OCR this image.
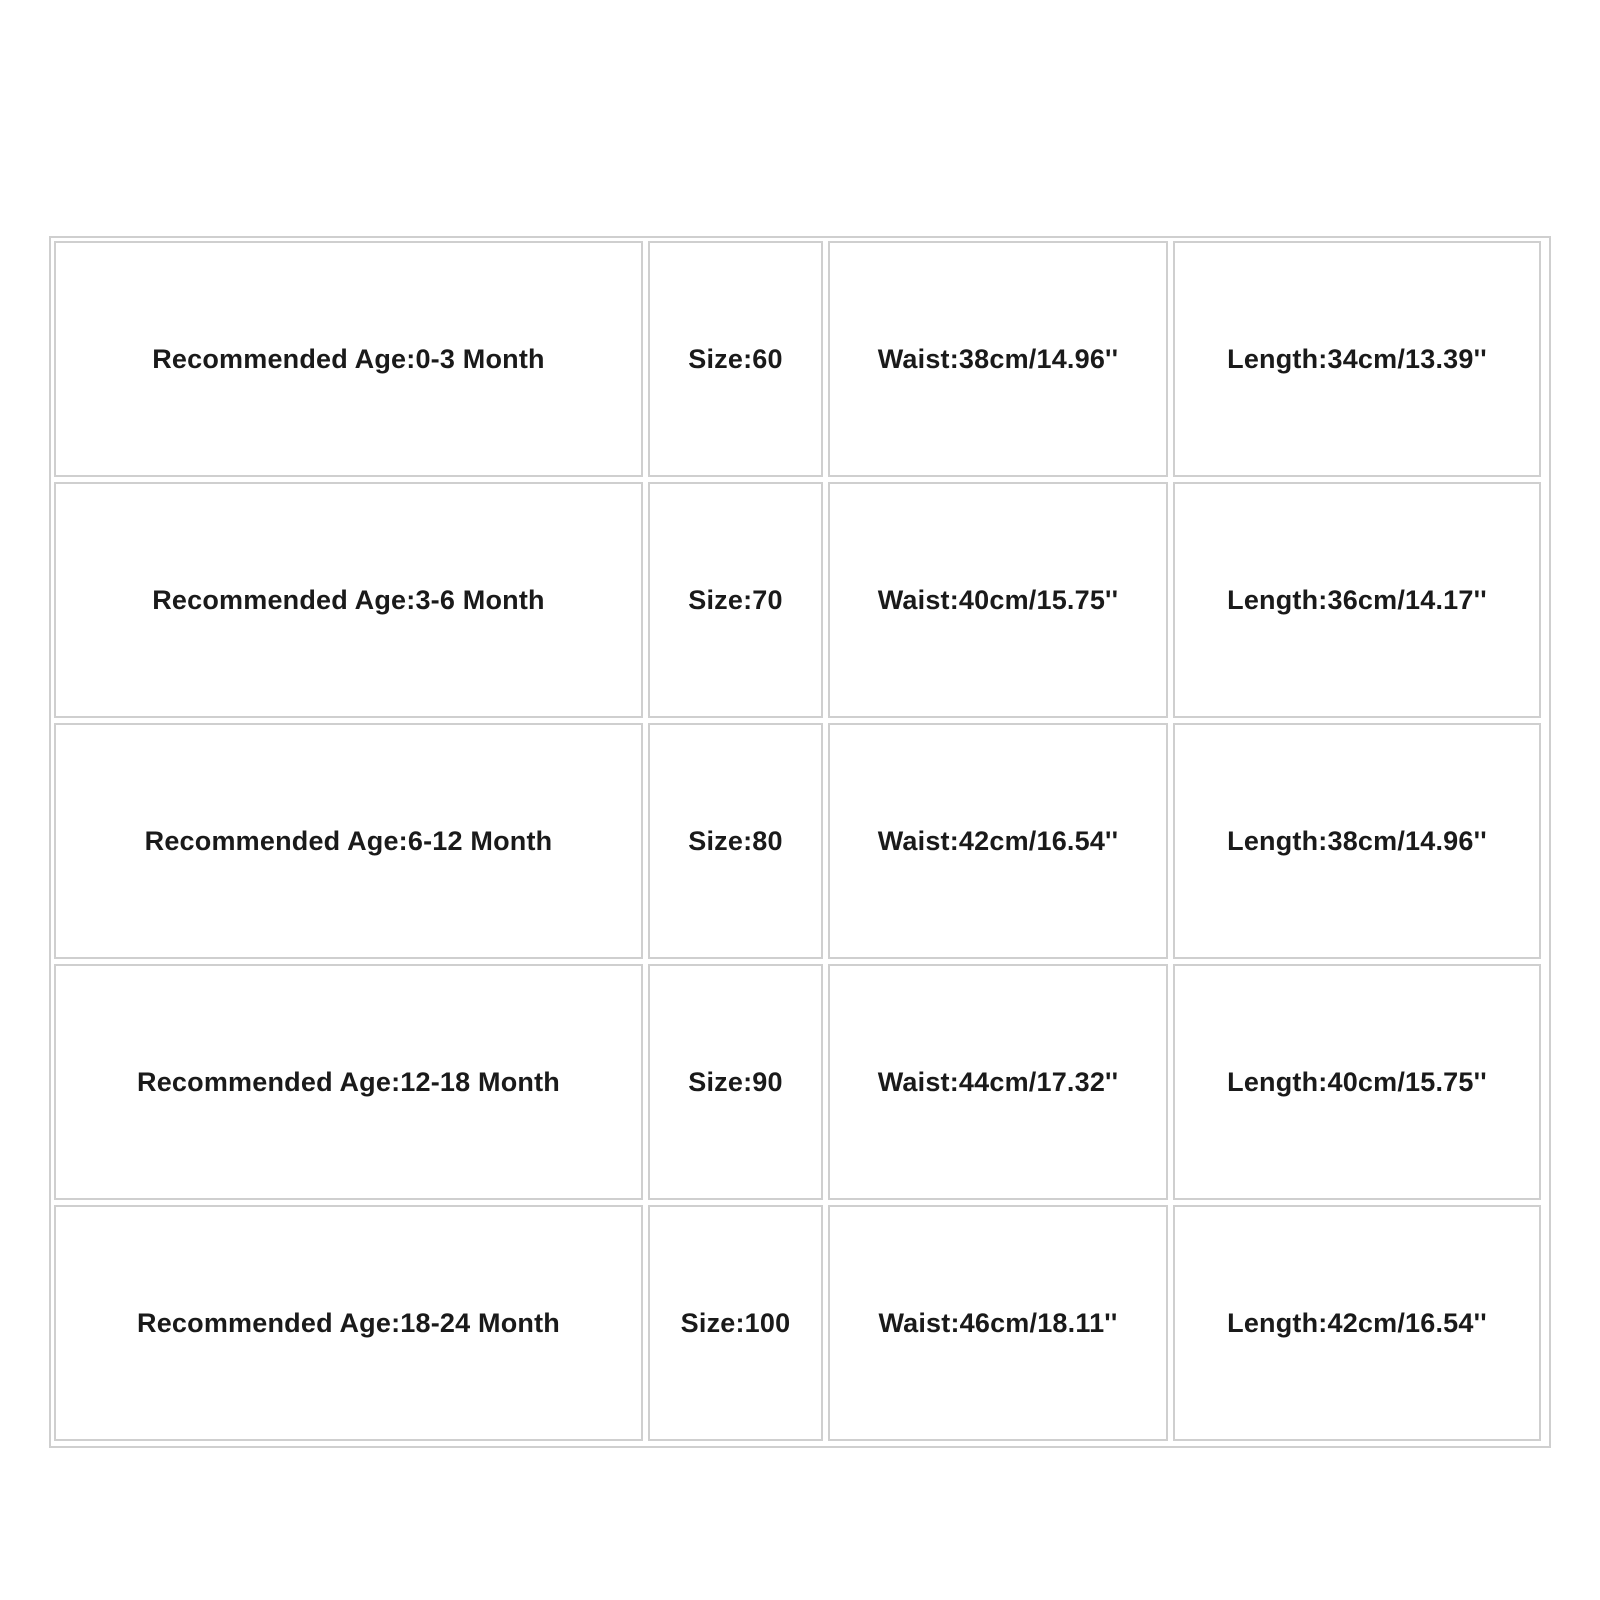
Recommended Age:0-3 Month	Size:60	Waist:38cm/14.96''	Length:34cm/13.39''
Recommended Age:3-6 Month	Size:70	Waist:40cm/15.75''	Length:36cm/14.17''
Recommended Age:6-12 Month	Size:80	Waist:42cm/16.54''	Length:38cm/14.96''
Recommended Age:12-18 Month	Size:90	Waist:44cm/17.32''	Length:40cm/15.75''
Recommended Age:18-24 Month	Size:100	Waist:46cm/18.11''	Length:42cm/16.54''
